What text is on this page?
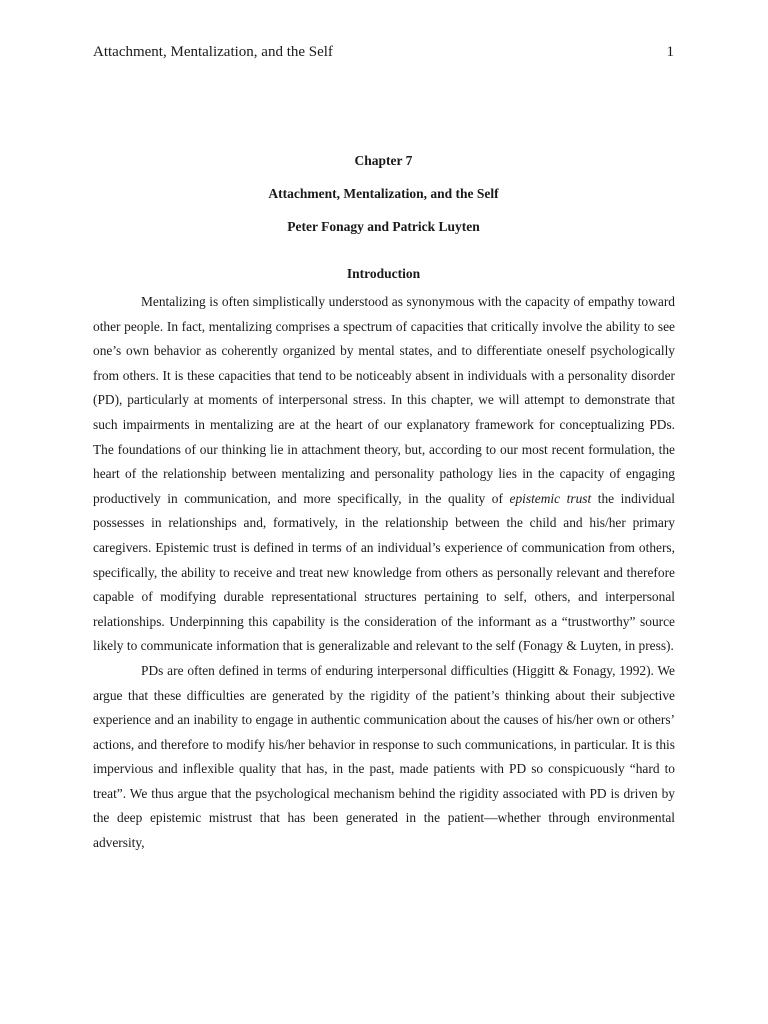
Attachment, Mentalization, and the Self	1
Chapter 7
Attachment, Mentalization, and the Self
Peter Fonagy and Patrick Luyten
Introduction

Mentalizing is often simplistically understood as synonymous with the capacity of empathy toward other people. In fact, mentalizing comprises a spectrum of capacities that critically involve the ability to see one’s own behavior as coherently organized by mental states, and to differentiate oneself psychologically from others. It is these capacities that tend to be noticeably absent in individuals with a personality disorder (PD), particularly at moments of interpersonal stress. In this chapter, we will attempt to demonstrate that such impairments in mentalizing are at the heart of our explanatory framework for conceptualizing PDs. The foundations of our thinking lie in attachment theory, but, according to our most recent formulation, the heart of the relationship between mentalizing and personality pathology lies in the capacity of engaging productively in communication, and more specifically, in the quality of epistemic trust the individual possesses in relationships and, formatively, in the relationship between the child and his/her primary caregivers. Epistemic trust is defined in terms of an individual’s experience of communication from others, specifically, the ability to receive and treat new knowledge from others as personally relevant and therefore capable of modifying durable representational structures pertaining to self, others, and interpersonal relationships. Underpinning this capability is the consideration of the informant as a “trustworthy” source likely to communicate information that is generalizable and relevant to the self (Fonagy & Luyten, in press).

PDs are often defined in terms of enduring interpersonal difficulties (Higgitt & Fonagy, 1992). We argue that these difficulties are generated by the rigidity of the patient’s thinking about their subjective experience and an inability to engage in authentic communication about the causes of his/her own or others’ actions, and therefore to modify his/her behavior in response to such communications, in particular. It is this impervious and inflexible quality that has, in the past, made patients with PD so conspicuously “hard to treat”. We thus argue that the psychological mechanism behind the rigidity associated with PD is driven by the deep epistemic mistrust that has been generated in the patient—whether through environmental adversity,
